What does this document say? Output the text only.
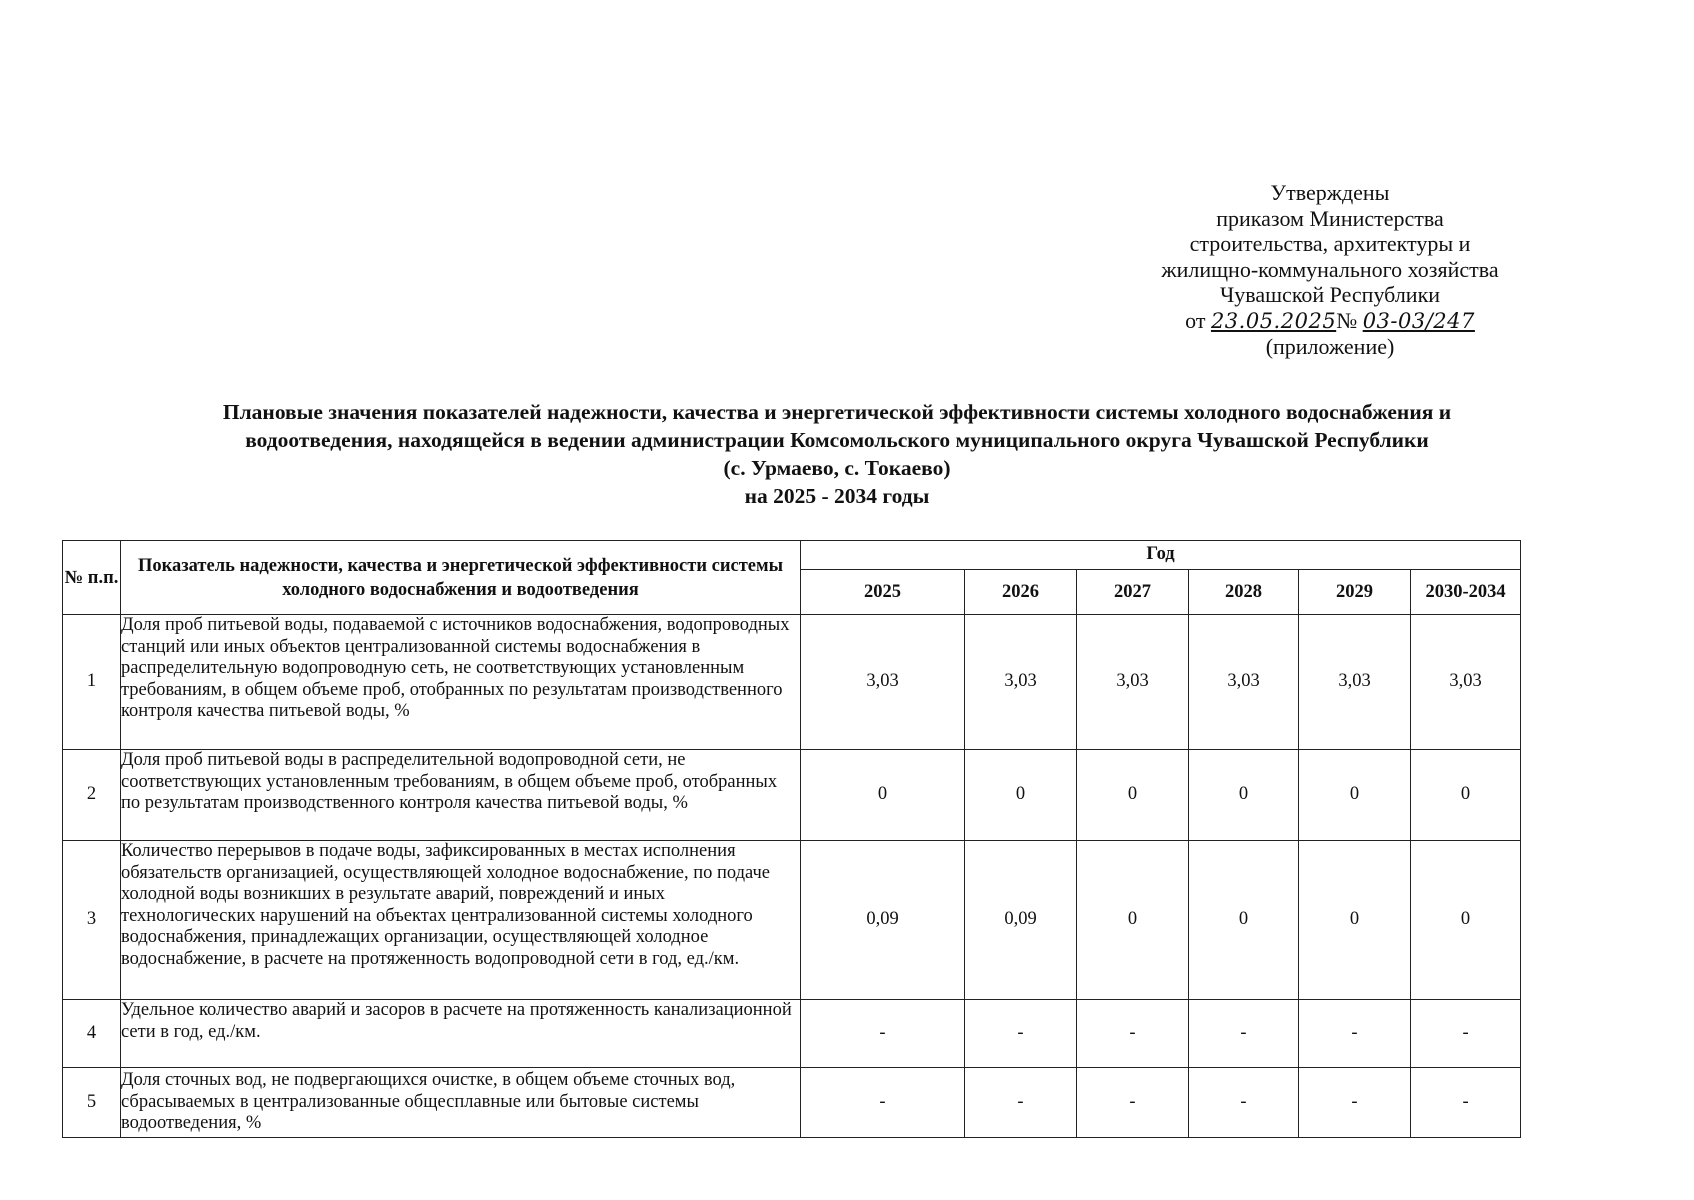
Утверждены
приказом Министерства
строительства, архитектуры и
жилищно-коммунального хозяйства
Чувашской Республики
от 23.05.2025№ 03-03/247
(приложение)
Плановые значения показателей надежности, качества и энергетической эффективности системы холодного водоснабжения и
водоотведения, находящейся в ведении администрации Комсомольского муниципального округа Чувашской Республики
(с. Урмаево, с. Токаево)
на 2025 - 2034 годы
№ п.п.	Показатель надежности, качества и энергетической эффективности системы холодного водоснабжения и водоотведения	Год					
		2025	2026	2027	2028	2029	2030-2034
1	Доля проб питьевой воды, подаваемой с источников водоснабжения, водопроводных станций или иных объектов централизованной системы водоснабжения в распределительную водопроводную сеть, не соответствующих установленным требованиям, в общем объеме проб, отобранных по результатам производственного контроля качества питьевой воды, %	3,03	3,03	3,03	3,03	3,03	3,03
2	Доля проб питьевой воды в распределительной водопроводной сети, не соответствующих установленным требованиям, в общем объеме проб, отобранных по результатам производственного контроля качества питьевой воды, %	0	0	0	0	0	0
3	Количество перерывов в подаче воды, зафиксированных в местах исполнения обязательств организацией, осуществляющей холодное водоснабжение, по подаче холодной воды возникших в результате аварий, повреждений и иных технологических нарушений на объектах централизованной системы холодного водоснабжения, принадлежащих организации, осуществляющей холодное водоснабжение, в расчете на протяженность водопроводной сети в год, ед./км.	0,09	0,09	0	0	0	0
4	Удельное количество аварий и засоров в расчете на протяженность канализационной сети в год, ед./км.	-	-	-	-	-	-
5	Доля сточных вод, не подвергающихся очистке, в общем объеме сточных вод, сбрасываемых в централизованные общесплавные или бытовые системы водоотведения, %	-	-	-	-	-	-
